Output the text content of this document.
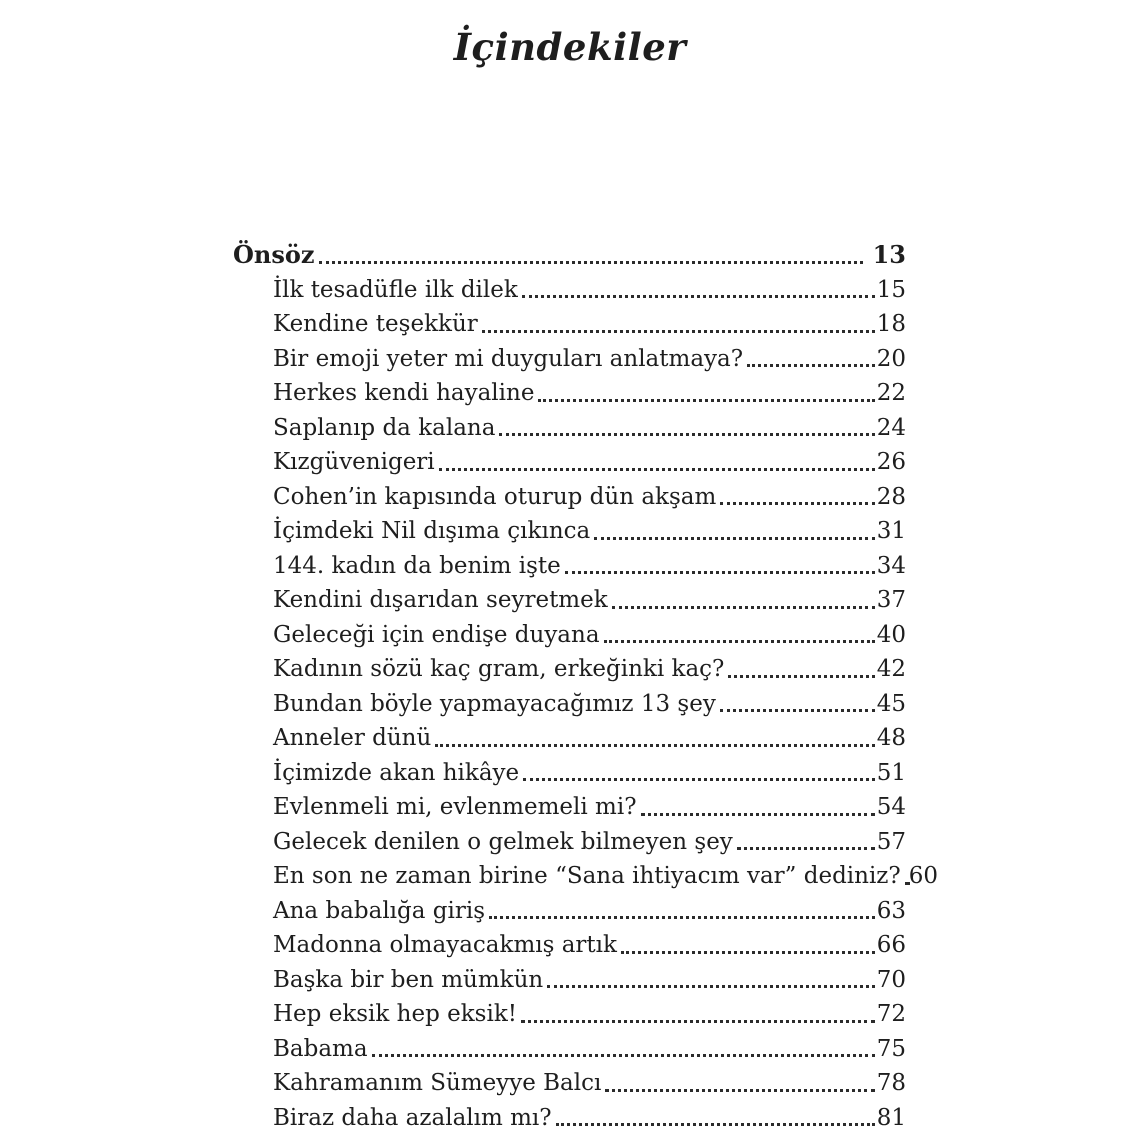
İçindekiler
Önsöz	13
İlk tesadüfle ilk dilek	15
Kendine teşekkür	18
Bir emoji yeter mi duyguları anlatmaya?	20
Herkes kendi hayaline	22
Saplanıp da kalana	24
Kızgüvenigeri	26
Cohen’in kapısında oturup dün akşam	28
İçimdeki Nil dışıma çıkınca	31
144. kadın da benim işte	34
Kendini dışarıdan seyretmek	37
Geleceği için endişe duyana	40
Kadının sözü kaç gram, erkeğinki kaç?	42
Bundan böyle yapmayacağımız 13 şey	45
Anneler dünü	48
İçimizde akan hikâye	51
Evlenmeli mi, evlenmemeli mi?	54
Gelecek denilen o gelmek bilmeyen şey	57
En son ne zaman birine “Sana ihtiyacım var” dediniz? 60
Ana babalığa giriş	63
Madonna olmayacakmış artık	66
Başka bir ben mümkün	70
Hep eksik hep eksik!	72
Babama	75
Kahramanım Sümeyye Balcı	78
Biraz daha azalalım mı?	81
